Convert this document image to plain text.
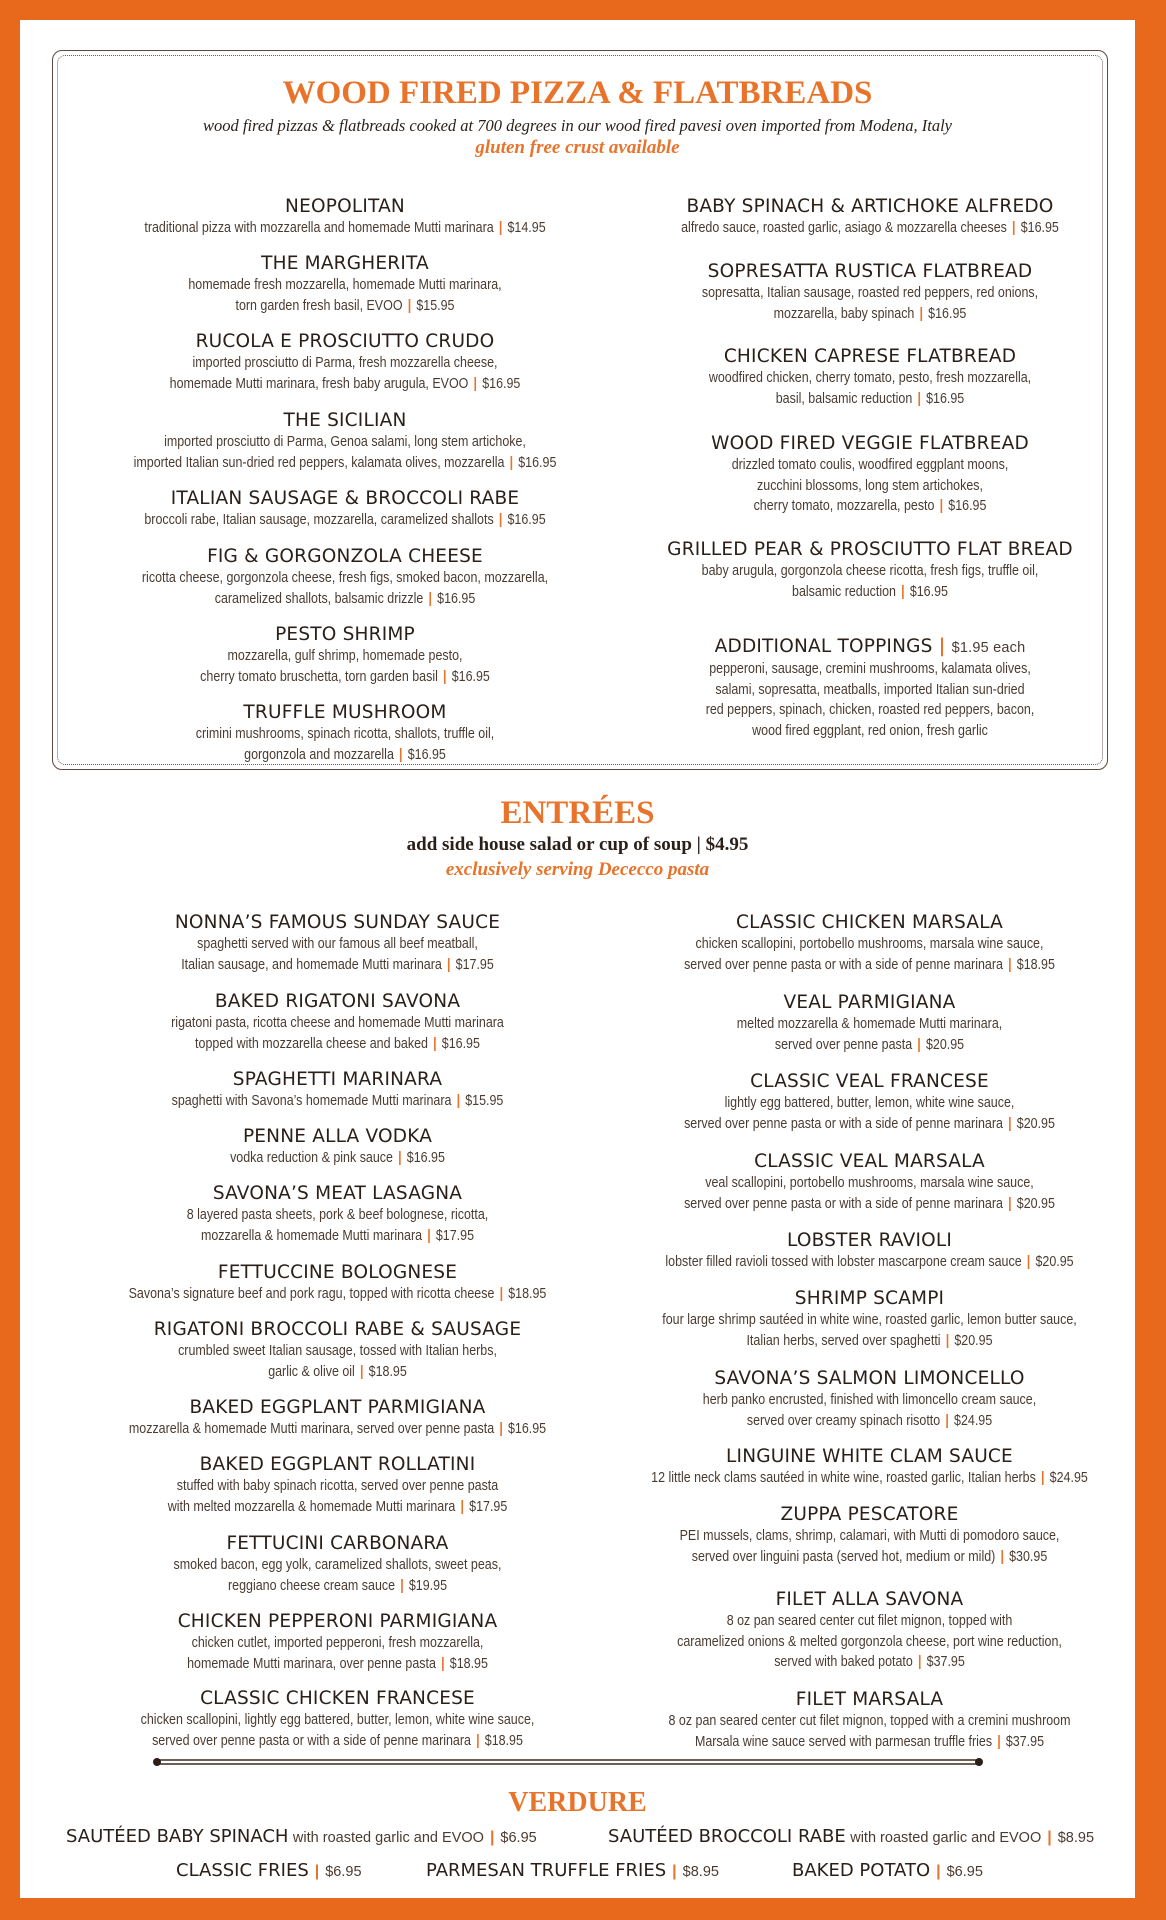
WOOD FIRED PIZZA & FLATBREADS
wood fired pizzas & flatbreads cooked at 700 degrees in our wood fired pavesi oven imported from Modena, Italy
gluten free crust available
NEOPOLITAN
traditional pizza with mozzarella and homemade Mutti marinara | $14.95
THE MARGHERITA
homemade fresh mozzarella, homemade Mutti marinara,
torn garden fresh basil, EVOO | $15.95
RUCOLA E PROSCIUTTO CRUDO
imported prosciutto di Parma, fresh mozzarella cheese,
homemade Mutti marinara, fresh baby arugula, EVOO | $16.95
THE SICILIAN
imported prosciutto di Parma, Genoa salami, long stem artichoke,
imported Italian sun-dried red peppers, kalamata olives, mozzarella | $16.95
ITALIAN SAUSAGE & BROCCOLI RABE
broccoli rabe, Italian sausage, mozzarella, caramelized shallots | $16.95
FIG & GORGONZOLA CHEESE
ricotta cheese, gorgonzola cheese, fresh figs, smoked bacon, mozzarella,
caramelized shallots, balsamic drizzle | $16.95
PESTO SHRIMP
mozzarella, gulf shrimp, homemade pesto,
cherry tomato bruschetta, torn garden basil | $16.95
TRUFFLE MUSHROOM
crimini mushrooms, spinach ricotta, shallots, truffle oil,
gorgonzola and mozzarella | $16.95
BABY SPINACH & ARTICHOKE ALFREDO
alfredo sauce, roasted garlic, asiago & mozzarella cheeses | $16.95
SOPRESATTA RUSTICA FLATBREAD
sopresatta, Italian sausage, roasted red peppers, red onions,
mozzarella, baby spinach | $16.95
CHICKEN CAPRESE FLATBREAD
woodfired chicken, cherry tomato, pesto, fresh mozzarella,
basil, balsamic reduction | $16.95
WOOD FIRED VEGGIE FLATBREAD
drizzled tomato coulis, woodfired eggplant moons,
zucchini blossoms, long stem artichokes,
cherry tomato, mozzarella, pesto | $16.95
GRILLED PEAR & PROSCIUTTO FLAT BREAD
baby arugula, gorgonzola cheese ricotta, fresh figs, truffle oil,
balsamic reduction | $16.95
ADDITIONAL TOPPINGS | $1.95 each
pepperoni, sausage, cremini mushrooms, kalamata olives,
salami, sopresatta, meatballs, imported Italian sun-dried
red peppers, spinach, chicken, roasted red peppers, bacon,
wood fired eggplant, red onion, fresh garlic
ENTRÉES
add side house salad or cup of soup | $4.95
exclusively serving Dececco pasta
NONNA’S FAMOUS SUNDAY SAUCE
spaghetti served with our famous all beef meatball,
Italian sausage, and homemade Mutti marinara | $17.95
BAKED RIGATONI SAVONA
rigatoni pasta, ricotta cheese and homemade Mutti marinara
topped with mozzarella cheese and baked | $16.95
SPAGHETTI MARINARA
spaghetti with Savona’s homemade Mutti marinara | $15.95
PENNE ALLA VODKA
vodka reduction & pink sauce | $16.95
SAVONA’S MEAT LASAGNA
8 layered pasta sheets, pork & beef bolognese, ricotta,
mozzarella & homemade Mutti marinara | $17.95
FETTUCCINE BOLOGNESE
Savona’s signature beef and pork ragu, topped with ricotta cheese | $18.95
RIGATONI BROCCOLI RABE & SAUSAGE
crumbled sweet Italian sausage, tossed with Italian herbs,
garlic & olive oil | $18.95
BAKED EGGPLANT PARMIGIANA
mozzarella & homemade Mutti marinara, served over penne pasta | $16.95
BAKED EGGPLANT ROLLATINI
stuffed with baby spinach ricotta, served over penne pasta
with melted mozzarella & homemade Mutti marinara | $17.95
FETTUCINI CARBONARA
smoked bacon, egg yolk, caramelized shallots, sweet peas,
reggiano cheese cream sauce | $19.95
CHICKEN PEPPERONI PARMIGIANA
chicken cutlet, imported pepperoni, fresh mozzarella,
homemade Mutti marinara, over penne pasta | $18.95
CLASSIC CHICKEN FRANCESE
chicken scallopini, lightly egg battered, butter, lemon, white wine sauce,
served over penne pasta or with a side of penne marinara | $18.95
CLASSIC CHICKEN MARSALA
chicken scallopini, portobello mushrooms, marsala wine sauce,
served over penne pasta or with a side of penne marinara | $18.95
VEAL PARMIGIANA
melted mozzarella & homemade Mutti marinara,
served over penne pasta | $20.95
CLASSIC VEAL FRANCESE
lightly egg battered, butter, lemon, white wine sauce,
served over penne pasta or with a side of penne marinara | $20.95
CLASSIC VEAL MARSALA
veal scallopini, portobello mushrooms, marsala wine sauce,
served over penne pasta or with a side of penne marinara | $20.95
LOBSTER RAVIOLI
lobster filled ravioli tossed with lobster mascarpone cream sauce | $20.95
SHRIMP SCAMPI
four large shrimp sautéed in white wine, roasted garlic, lemon butter sauce,
Italian herbs, served over spaghetti | $20.95
SAVONA’S SALMON LIMONCELLO
herb panko encrusted, finished with limoncello cream sauce,
served over creamy spinach risotto | $24.95
LINGUINE WHITE CLAM SAUCE
12 little neck clams sautéed in white wine, roasted garlic, Italian herbs | $24.95
ZUPPA PESCATORE
PEI mussels, clams, shrimp, calamari, with Mutti di pomodoro sauce,
served over linguini pasta (served hot, medium or mild) | $30.95
FILET ALLA SAVONA
8 oz pan seared center cut filet mignon, topped with
caramelized onions & melted gorgonzola cheese, port wine reduction,
served with baked potato | $37.95
FILET MARSALA
8 oz pan seared center cut filet mignon, topped with a cremini mushroom
Marsala wine sauce served with parmesan truffle fries | $37.95
VERDURE
SAUTÉED BABY SPINACH with roasted garlic and EVOO | $6.95	SAUTÉED BROCCOLI RABE with roasted garlic and EVOO | $8.95
CLASSIC FRIES | $6.95	PARMESAN TRUFFLE FRIES | $8.95	BAKED POTATO | $6.95
